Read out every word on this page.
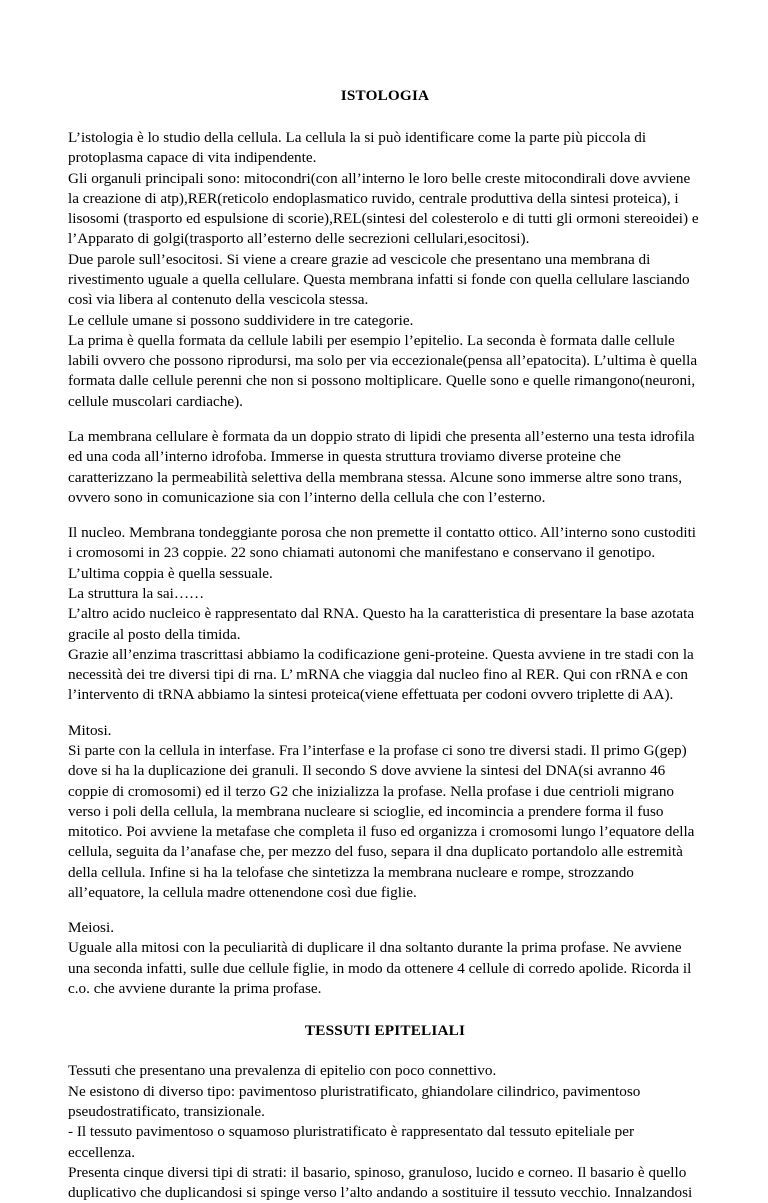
ISTOLOGIA

L’istologia è lo studio della cellula. La cellula la si può identificare come la parte più piccola di protoplasma capace di vita indipendente.

Gli organuli principali sono: mitocondri(con all’interno le loro belle creste mitocondirali dove avviene la creazione di atp),RER(reticolo endoplasmatico ruvido, centrale produttiva della sintesi proteica), i lisosomi (trasporto ed espulsione di scorie),REL(sintesi del colesterolo e di tutti gli ormoni stereoidei) e l’Apparato di golgi(trasporto all’esterno delle secrezioni cellulari,esocitosi).

Due parole sull’esocitosi. Si viene a creare grazie ad vescicole che presentano una membrana di rivestimento uguale a quella cellulare. Questa membrana infatti si fonde con quella cellulare lasciando così via libera al contenuto della vescicola stessa.

Le cellule umane si possono suddividere in tre categorie.

La prima è quella formata da cellule labili per esempio l’epitelio. La seconda è formata dalle cellule labili ovvero che possono riprodursi, ma solo per via eccezionale(pensa all’epatocita). L’ultima è quella formata dalle cellule perenni che non si possono moltiplicare. Quelle sono e quelle rimangono(neuroni, cellule muscolari cardiache).

La membrana cellulare è formata da un doppio strato di lipidi che presenta all’esterno una testa idrofila ed una coda all’interno idrofoba. Immerse in questa struttura troviamo diverse proteine che caratterizzano la permeabilità selettiva della membrana stessa. Alcune sono immerse altre sono trans, ovvero sono in comunicazione sia con l’interno della cellula che con l’esterno.

Il nucleo. Membrana tondeggiante porosa che non premette il contatto ottico. All’interno sono custoditi i cromosomi in 23 coppie. 22 sono chiamati autonomi che manifestano e conservano il genotipo. L’ultima coppia è quella sessuale.

La struttura la sai……

L’altro acido nucleico è rappresentato dal RNA. Questo ha la caratteristica di presentare la base azotata gracile al posto della timida.

Grazie all’enzima trascrittasi abbiamo la codificazione geni-proteine. Questa avviene in tre stadi con la necessità dei tre diversi tipi di rna. L’ mRNA che viaggia dal nucleo fino al RER. Qui con rRNA e con l’intervento di tRNA abbiamo la sintesi proteica(viene effettuata per codoni ovvero triplette di AA).

Mitosi.

Si parte con la cellula in interfase. Fra l’interfase e la profase ci sono tre diversi stadi. Il primo G(gep) dove si ha la duplicazione dei granuli. Il secondo S dove avviene la sintesi del DNA(si avranno 46 coppie di cromosomi) ed il terzo G2 che inizializza la profase. Nella profase i due centrioli migrano verso i poli della cellula, la membrana nucleare si scioglie, ed incomincia a prendere forma il fuso mitotico. Poi avviene la metafase che completa il fuso ed organizza i cromosomi lungo l’equatore della cellula, seguita da l’anafase che, per mezzo del fuso, separa il dna duplicato portandolo alle estremità della cellula. Infine si ha la telofase che sintetizza la membrana nucleare e rompe, strozzando all’equatore, la cellula madre ottenendone così due figlie.

Meiosi.

Uguale alla mitosi con la peculiarità di duplicare il dna soltanto durante la prima profase. Ne avviene una seconda infatti, sulle due cellule figlie, in modo da ottenere 4 cellule di corredo apolide. Ricorda il c.o. che avviene durante la prima profase.

TESSUTI EPITELIALI

Tessuti che presentano una prevalenza di epitelio con poco connettivo.

Ne esistono di diverso tipo: pavimentoso pluristratificato, ghiandolare cilindrico, pavimentoso pseudostratificato, transizionale.

- Il tessuto pavimentoso o squamoso pluristratificato è rappresentato dal tessuto epiteliale per eccellenza.

Presenta cinque diversi tipi di strati: il basario, spinoso, granuloso, lucido e corneo. Il basario è quello duplicativo che duplicandosi si spinge verso l’alto andando a sostituire il tessuto vecchio. Innalzandosi
